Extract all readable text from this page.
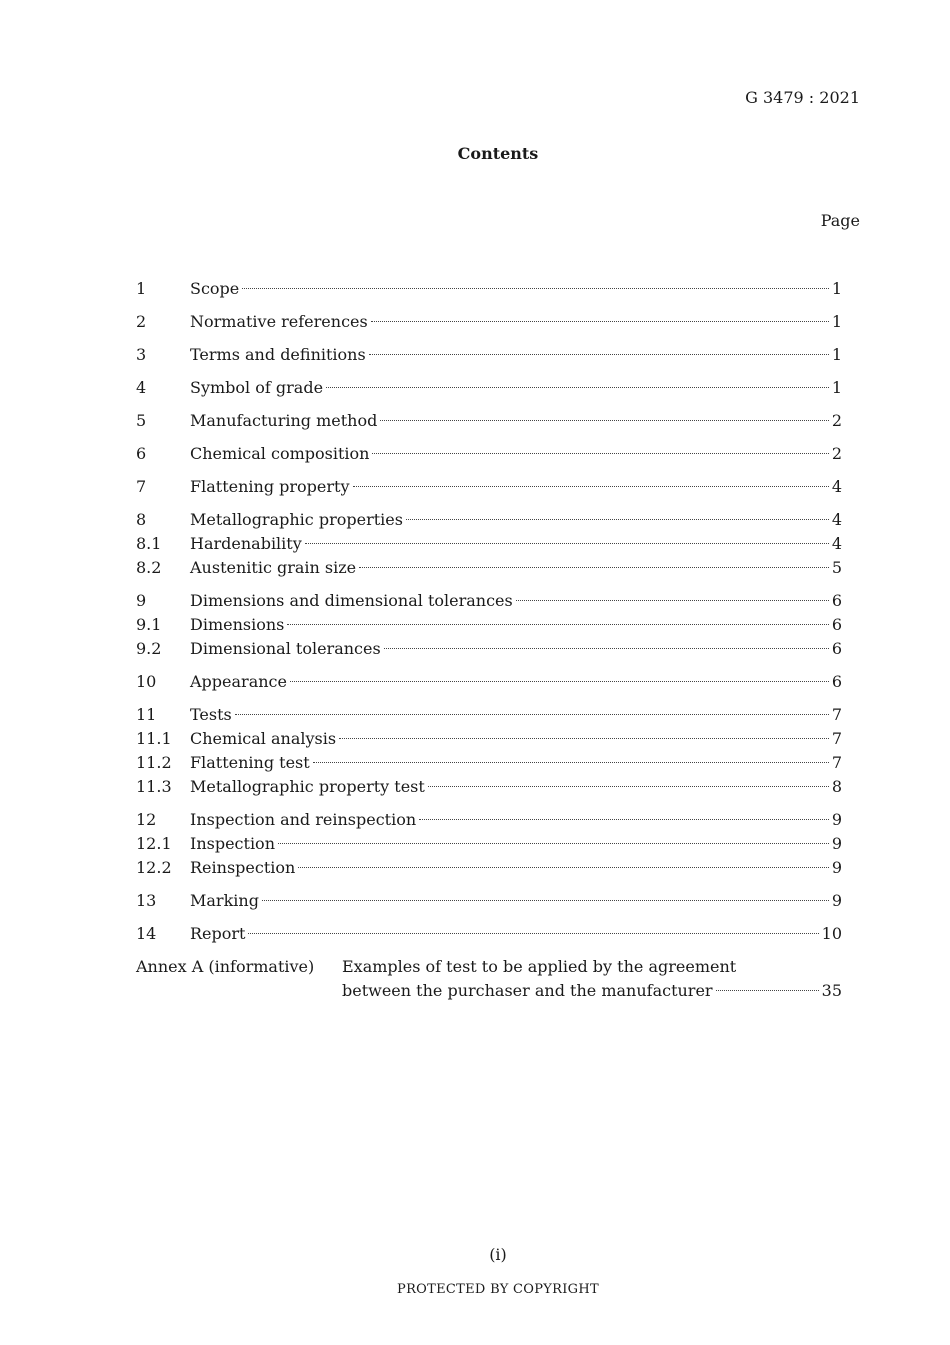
G 3479 : 2021
Contents
Page
1	Scope	1
2	Normative references	1
3	Terms and definitions	1
4	Symbol of grade	1
5	Manufacturing method	2
6	Chemical composition	2
7	Flattening property	4
8	Metallographic properties	4
8.1	Hardenability	4
8.2	Austenitic grain size	5
9	Dimensions and dimensional tolerances	6
9.1	Dimensions	6
9.2	Dimensional tolerances	6
10	Appearance	6
11	Tests	7
11.1	Chemical analysis	7
11.2	Flattening test	7
11.3	Metallographic property test	8
12	Inspection and reinspection	9
12.1	Inspection	9
12.2	Reinspection	9
13	Marking	9
14	Report	10
Annex A (informative)	Examples of test to be applied by the agreement
between the purchaser and the manufacturer	35
(i)
PROTECTED BY COPYRIGHT
